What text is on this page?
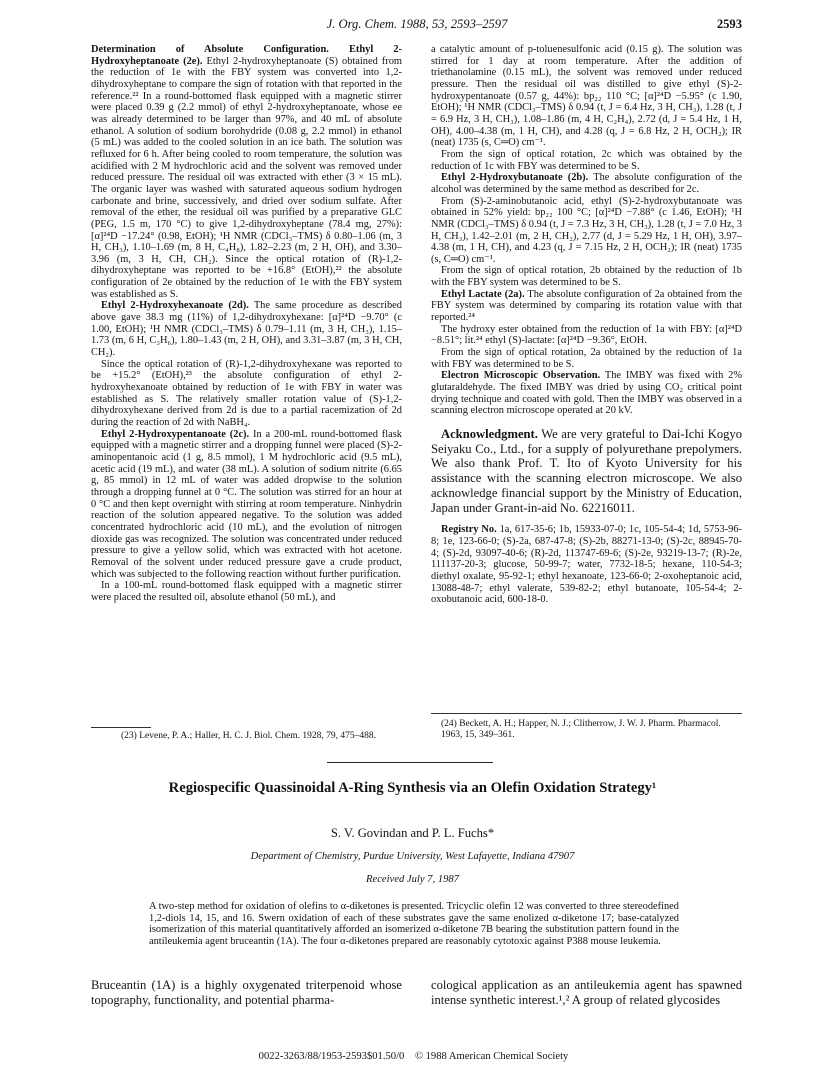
J. Org. Chem. 1988, 53, 2593–2597	2593

Determination of Absolute Configuration. Ethyl 2-Hydroxyheptanoate (2e). Ethyl 2-hydroxyheptanoate (S) obtained from the reduction of 1e with the FBY system was converted into 1,2-dihydroxyheptane to compare the sign of rotation with that reported in the reference.²² In a round-bottomed flask equipped with a magnetic stirrer were placed 0.39 g (2.2 mmol) of ethyl 2-hydroxyheptanoate, whose ee was already determined to be larger than 97%, and 40 mL of absolute ethanol. A solution of sodium borohydride (0.08 g, 2.2 mmol) in ethanol (5 mL) was added to the cooled solution in an ice bath. The solution was refluxed for 6 h. After being cooled to room temperature, the solution was acidified with 2 M hydrochloric acid and the solvent was removed under reduced pressure. The residual oil was extracted with ether (3 × 15 mL). The organic layer was washed with saturated aqueous sodium hydrogen carbonate and brine, successively, and dried over sodium sulfate. After removal of the ether, the residual oil was purified by a preparative GLC (PEG, 1.5 m, 170 °C) to give 1,2-dihydroxyheptane (78.4 mg, 27%): [α]²⁴D −17.24° (0.98, EtOH); ¹H NMR (CDCl₃–TMS) δ 0.80–1.06 (m, 3 H, CH₃), 1.10–1.69 (m, 8 H, C₄H₈), 1.82–2.23 (m, 2 H, OH), and 3.30–3.96 (m, 3 H, CH, CH₂). Since the optical rotation of (R)-1,2-dihydroxyheptane was reported to be +16.8° (EtOH),²² the absolute configuration of 2e obtained by the reduction of 1e with the FBY system was established as S.

Ethyl 2-Hydroxyhexanoate (2d). The same procedure as described above gave 38.3 mg (11%) of 1,2-dihydroxyhexane: [α]²⁴D −9.70° (c 1.00, EtOH); ¹H NMR (CDCl₃–TMS) δ 0.79–1.11 (m, 3 H, CH₃), 1.15–1.73 (m, 6 H, C₃H₆), 1.80–1.43 (m, 2 H, OH), and 3.31–3.87 (m, 3 H, CH, CH₂).

Since the optical rotation of (R)-1,2-dihydroxyhexane was reported to be +15.2° (EtOH),²³ the absolute configuration of ethyl 2-hydroxyhexanoate obtained by reduction of 1e with FBY in water was established as S. The relatively smaller rotation value of (S)-1,2-dihydroxyhexane derived from 2d is due to a partial racemization of 2d during the reaction of 2d with NaBH₄.

Ethyl 2-Hydroxypentanoate (2c). In a 200-mL round-bottomed flask equipped with a magnetic stirrer and a dropping funnel were placed (S)-2-aminopentanoic acid (1 g, 8.5 mmol), 1 M hydrochloric acid (9.5 mL), acetic acid (19 mL), and water (38 mL). A solution of sodium nitrite (6.65 g, 85 mmol) in 12 mL of water was added dropwise to the solution through a dropping funnel at 0 °C. The solution was stirred for an hour at 0 °C and then kept overnight with stirring at room temperature. Ninhydrin reaction of the solution appeared negative. To the solution was added concentrated hydrochloric acid (10 mL), and the evolution of nitrogen dioxide gas was recognized. The solution was concentrated under reduced pressure to give a yellow solid, which was extracted with hot acetone. Removal of the solvent under reduced pressure gave a crude product, which was subjected to the following reaction without further purification.

In a 100-mL round-bottomed flask equipped with a magnetic stirrer were placed the resulted oil, absolute ethanol (50 mL), and

(23) Levene, P. A.; Haller, H. C. J. Biol. Chem. 1928, 79, 475–488.

a catalytic amount of p-toluenesulfonic acid (0.15 g). The solution was stirred for 1 day at room temperature. After the addition of triethanolamine (0.15 mL), the solvent was removed under reduced pressure. Then the residual oil was distilled to give ethyl (S)-2-hydroxypentanoate (0.57 g, 44%): bp₂₂ 110 °C; [α]²⁴D −5.95° (c 1.90, EtOH); ¹H NMR (CDCl₃–TMS) δ 0.94 (t, J = 6.4 Hz, 3 H, CH₃), 1.28 (t, J = 6.9 Hz, 3 H, CH₃), 1.08–1.86 (m, 4 H, C₂H₄), 2.72 (d, J = 5.4 Hz, 1 H, OH), 4.00–4.38 (m, 1 H, CH), and 4.28 (q, J = 6.8 Hz, 2 H, OCH₂); IR (neat) 1735 (s, C═O) cm⁻¹.

From the sign of optical rotation, 2c which was obtained by the reduction of 1c with FBY was determined to be S.

Ethyl 2-Hydroxybutanoate (2b). The absolute configuration of the alcohol was determined by the same method as described for 2c.

From (S)-2-aminobutanoic acid, ethyl (S)-2-hydroxybutanoate was obtained in 52% yield: bp₂₂ 100 °C; [α]²⁴D −7.88° (c 1.46, EtOH); ¹H NMR (CDCl₃–TMS) δ 0.94 (t, J = 7.3 Hz, 3 H, CH₃), 1.28 (t, J = 7.0 Hz, 3 H, CH₃), 1.42–2.01 (m, 2 H, CH₂), 2.77 (d, J = 5.29 Hz, 1 H, OH), 3.97–4.38 (m, 1 H, CH), and 4.23 (q, J = 7.15 Hz, 2 H, OCH₂); IR (neat) 1735 (s, C═O) cm⁻¹.

From the sign of optical rotation, 2b obtained by the reduction of 1b with the FBY system was determined to be S.

Ethyl Lactate (2a). The absolute configuration of 2a obtained from the FBY system was determined by comparing its rotation value with that reported.²⁴

The hydroxy ester obtained from the reduction of 1a with FBY: [α]²⁴D −8.51°; lit.²⁴ ethyl (S)-lactate: [α]²⁴D −9.36°, EtOH.

From the sign of optical rotation, 2a obtained by the reduction of 1a with FBY was determined to be S.

Electron Microscopic Observation. The IMBY was fixed with 2% glutaraldehyde. The fixed IMBY was dried by using CO₂ critical point drying technique and coated with gold. Then the IMBY was observed in a scanning electron microscope operated at 20 kV.

Acknowledgment. We are very grateful to Dai-Ichi Kogyo Seiyaku Co., Ltd., for a supply of polyurethane prepolymers. We also thank Prof. T. Ito of Kyoto University for his assistance with the scanning electron microscope. We also acknowledge financial support by the Ministry of Education, Japan under Grant-in-aid No. 62216011.

Registry No. 1a, 617-35-6; 1b, 15933-07-0; 1c, 105-54-4; 1d, 5753-96-8; 1e, 123-66-0; (S)-2a, 687-47-8; (S)-2b, 88271-13-0; (S)-2c, 88945-70-4; (S)-2d, 93097-40-6; (R)-2d, 113747-69-6; (S)-2e, 93219-13-7; (R)-2e, 111137-20-3; glucose, 50-99-7; water, 7732-18-5; hexane, 110-54-3; diethyl oxalate, 95-92-1; ethyl hexanoate, 123-66-0; 2-oxoheptanoic acid, 13088-48-7; ethyl valerate, 539-82-2; ethyl butanoate, 105-54-4; 2-oxobutanoic acid, 600-18-0.

(24) Beckett, A. H.; Happer, N. J.; Clitherrow, J. W. J. Pharm. Pharmacol. 1963, 15, 349–361.
Regiospecific Quassinoidal A-Ring Synthesis via an Olefin Oxidation Strategy¹
S. V. Govindan and P. L. Fuchs*
Department of Chemistry, Purdue University, West Lafayette, Indiana 47907
Received July 7, 1987
A two-step method for oxidation of olefins to α-diketones is presented. Tricyclic olefin 12 was converted to three stereodefined 1,2-diols 14, 15, and 16. Swern oxidation of each of these substrates gave the same enolized α-diketone 17; base-catalyzed isomerization of this material quantitatively afforded an isomerized α-diketone 7B bearing the substitution pattern found in the antileukemia agent bruceantin (1A). The four α-diketones prepared are reasonably cytotoxic against P388 mouse leukemia.
Bruceantin (1A) is a highly oxygenated triterpenoid whose topography, functionality, and potential pharma-
cological application as an antileukemia agent has spawned intense synthetic interest.¹,² A group of related glycosides
0022-3263/88/1953-2593$01.50/0 © 1988 American Chemical Society
